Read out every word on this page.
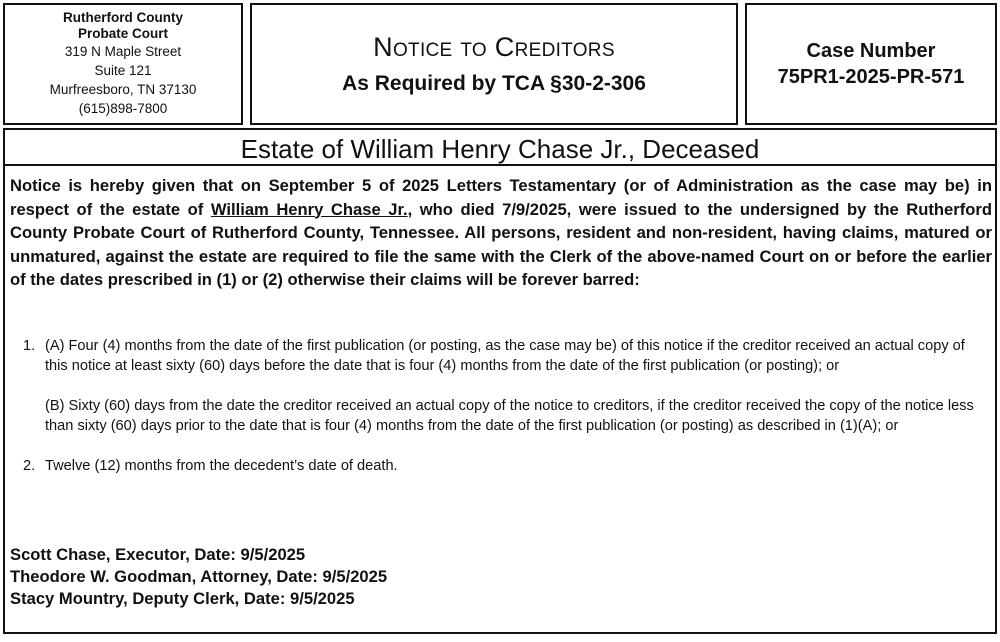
Rutherford County
Probate Court
319 N Maple Street
Suite 121
Murfreesboro, TN 37130
(615)898-7800
Notice to Creditors
As Required by TCA §30-2-306
Case Number
75PR1-2025-PR-571
Estate of William Henry Chase Jr., Deceased
Notice is hereby given that on September 5 of 2025 Letters Testamentary (or of Administration as the case may be) in respect of the estate of William Henry Chase Jr., who died 7/9/2025, were issued to the undersigned by the Rutherford County Probate Court of Rutherford County, Tennessee. All persons, resident and non-resident, having claims, matured or unmatured, against the estate are required to file the same with the Clerk of the above-named Court on or before the earlier of the dates prescribed in (1) or (2) otherwise their claims will be forever barred:
1. (A) Four (4) months from the date of the first publication (or posting, as the case may be) of this notice if the creditor received an actual copy of this notice at least sixty (60) days before the date that is four (4) months from the date of the first publication (or posting); or

(B) Sixty (60) days from the date the creditor received an actual copy of the notice to creditors, if the creditor received the copy of the notice less than sixty (60) days prior to the date that is four (4) months from the date of the first publication (or posting) as described in (1)(A); or

2. Twelve (12) months from the decedent’s date of death.

Scott Chase, Executor, Date: 9/5/2025
Theodore W. Goodman, Attorney, Date: 9/5/2025
Stacy Mountry, Deputy Clerk, Date: 9/5/2025
